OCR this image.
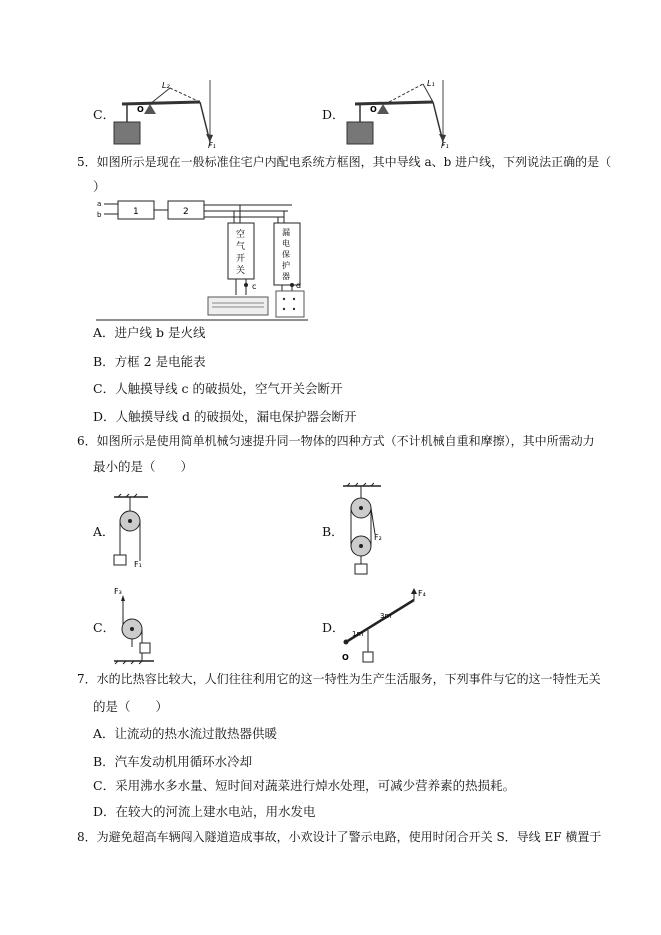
C．
L₂
O
F₁
D．
L₁
O
F₁
5．如图所示是现在一般标准住宅户内配电系统方框图，其中导线 a、b 进户线，下列说法正确的是（
）
a
b	1	2
空
气
开
关
漏
电
保
护
器
c	d
A．进户线 b 是火线
B．方框 2 是电能表
C．人触摸导线 c 的破损处，空气开关会断开
D．人触摸导线 d 的破损处，漏电保护器会断开
6．如图所示是使用简单机械匀速提升同一物体的四种方式（不计机械自重和摩擦），其中所需动力
最小的是（　　）
A．
F₁
B．	F₂
C．
F₃
D．
F₄
1m
3m
O
7．水的比热容比较大，人们往往利用它的这一特性为生产生活服务，下列事件与它的这一特性无关
的是（　　）
A．让流动的热水流过散热器供暖
B．汽车发动机用循环水冷却
C．采用沸水多水量、短时间对蔬菜进行焯水处理，可减少营养素的热损耗。
D．在较大的河流上建水电站，用水发电
8．为避免超高车辆闯入隧道造成事故，小欢设计了警示电路，使用时闭合开关 S．导线 EF 横置于
